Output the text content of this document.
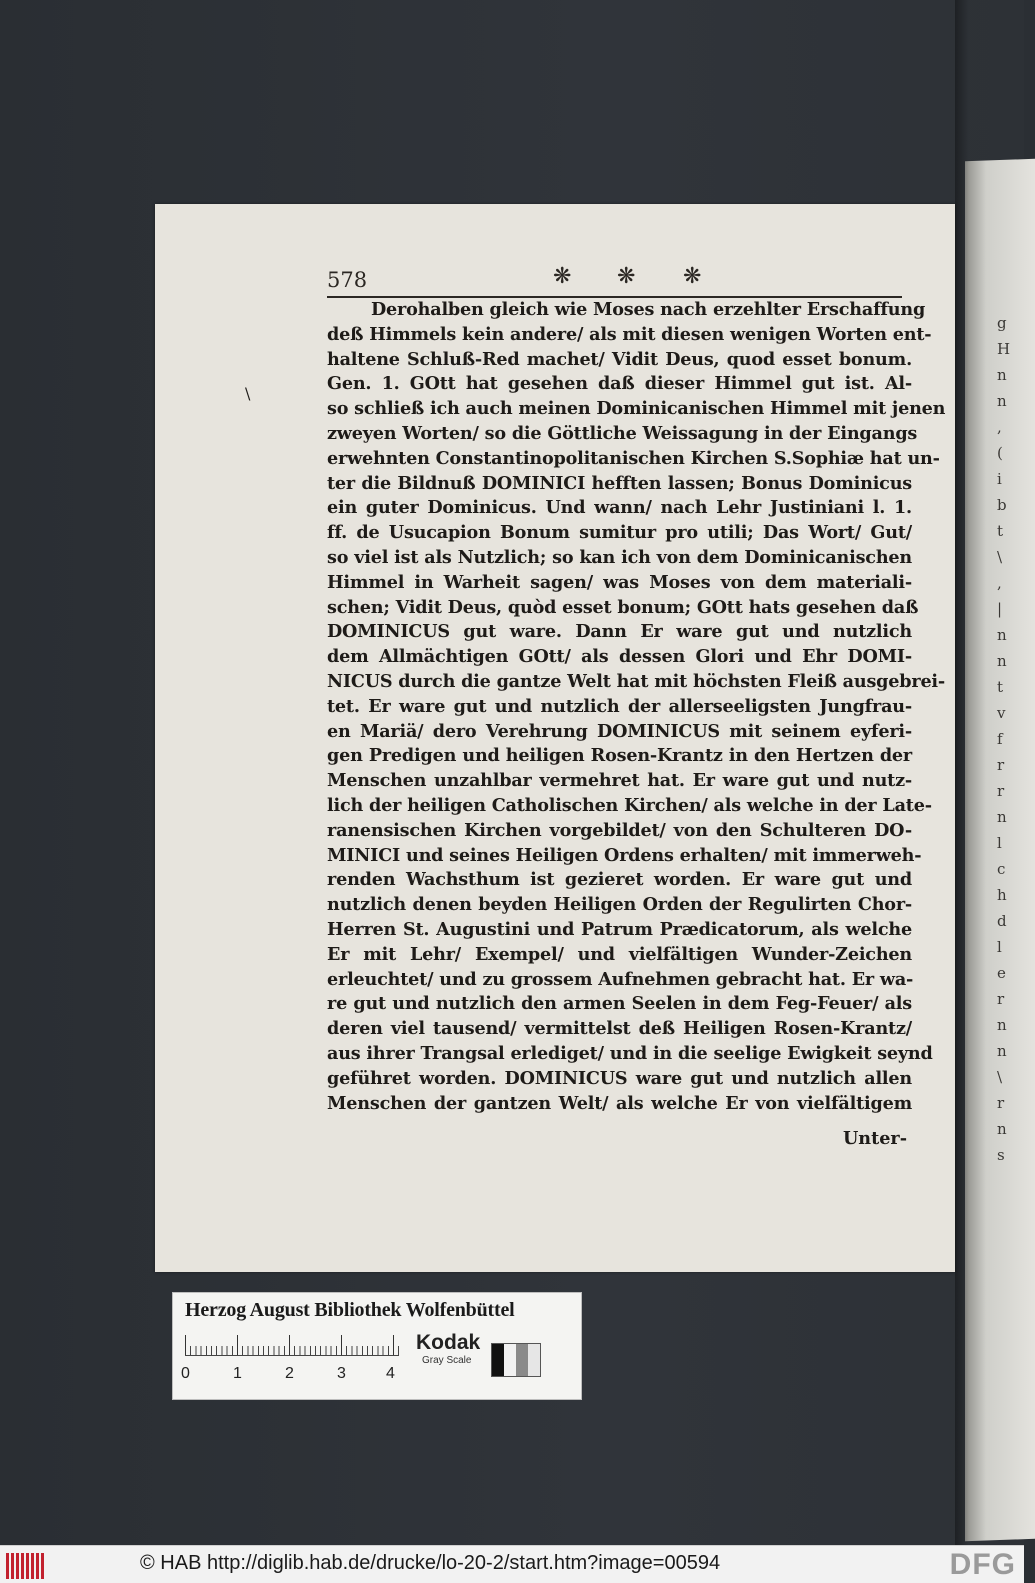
g
H
n
n
,
(
i
b
t
\
,
|
n
n
t
v
f
r
r
n
l
c
h
d
l
e
r
n
n
\
r
n
s
578	❋ ❋ ❋
Derohalben gleich wie Moses nach erzehlter Erschaffung
deß Himmels kein andere/ als mit diesen wenigen Worten ent-
haltene Schluß-Red machet/ Vidit Deus, quod esset bonum.
Gen. 1. GOtt hat gesehen daß dieser Himmel gut ist. Al-
so schließ ich auch meinen Dominicanischen Himmel mit jenen
zweyen Worten/ so die Göttliche Weissagung in der Eingangs
erwehnten Constantinopolitanischen Kirchen S.Sophiæ hat un-
ter die Bildnuß DOMINICI hefften lassen; Bonus Dominicus
ein guter Dominicus. Und wann/ nach Lehr Justiniani l. 1.
ff. de Usucapion Bonum sumitur pro utili; Das Wort/ Gut/
so viel ist als Nutzlich; so kan ich von dem Dominicanischen
Himmel in Warheit sagen/ was Moses von dem materiali-
schen; Vidit Deus, quòd esset bonum; GOtt hats gesehen daß
DOMINICUS gut ware. Dann Er ware gut und nutzlich
dem Allmächtigen GOtt/ als dessen Glori und Ehr DOMI-
NICUS durch die gantze Welt hat mit höchsten Fleiß ausgebrei-
tet. Er ware gut und nutzlich der allerseeligsten Jungfrau-
en Mariä/ dero Verehrung DOMINICUS mit seinem eyferi-
gen Predigen und heiligen Rosen-Krantz in den Hertzen der
Menschen unzahlbar vermehret hat. Er ware gut und nutz-
lich der heiligen Catholischen Kirchen/ als welche in der Late-
ranensischen Kirchen vorgebildet/ von den Schulteren DO-
MINICI und seines Heiligen Ordens erhalten/ mit immerweh-
renden Wachsthum ist gezieret worden. Er ware gut und
nutzlich denen beyden Heiligen Orden der Regulirten Chor-
Herren St. Augustini und Patrum Prædicatorum, als welche
Er mit Lehr/ Exempel/ und vielfältigen Wunder-Zeichen
erleuchtet/ und zu grossem Aufnehmen gebracht hat. Er wa-
re gut und nutzlich den armen Seelen in dem Feg-Feuer/ als
deren viel tausend/ vermittelst deß Heiligen Rosen-Krantz/
aus ihrer Trangsal erlediget/ und in die seelige Ewigkeit seynd
geführet worden. DOMINICUS ware gut und nutzlich allen
Menschen der gantzen Welt/ als welche Er von vielfältigem
Unter-
\
Herzog August Bibliothek Wolfenbüttel
0	1	2	3	4
Kodak
Gray Scale
© HAB http://diglib.hab.de/drucke/lo-20-2/start.htm?image=00594	DFG
